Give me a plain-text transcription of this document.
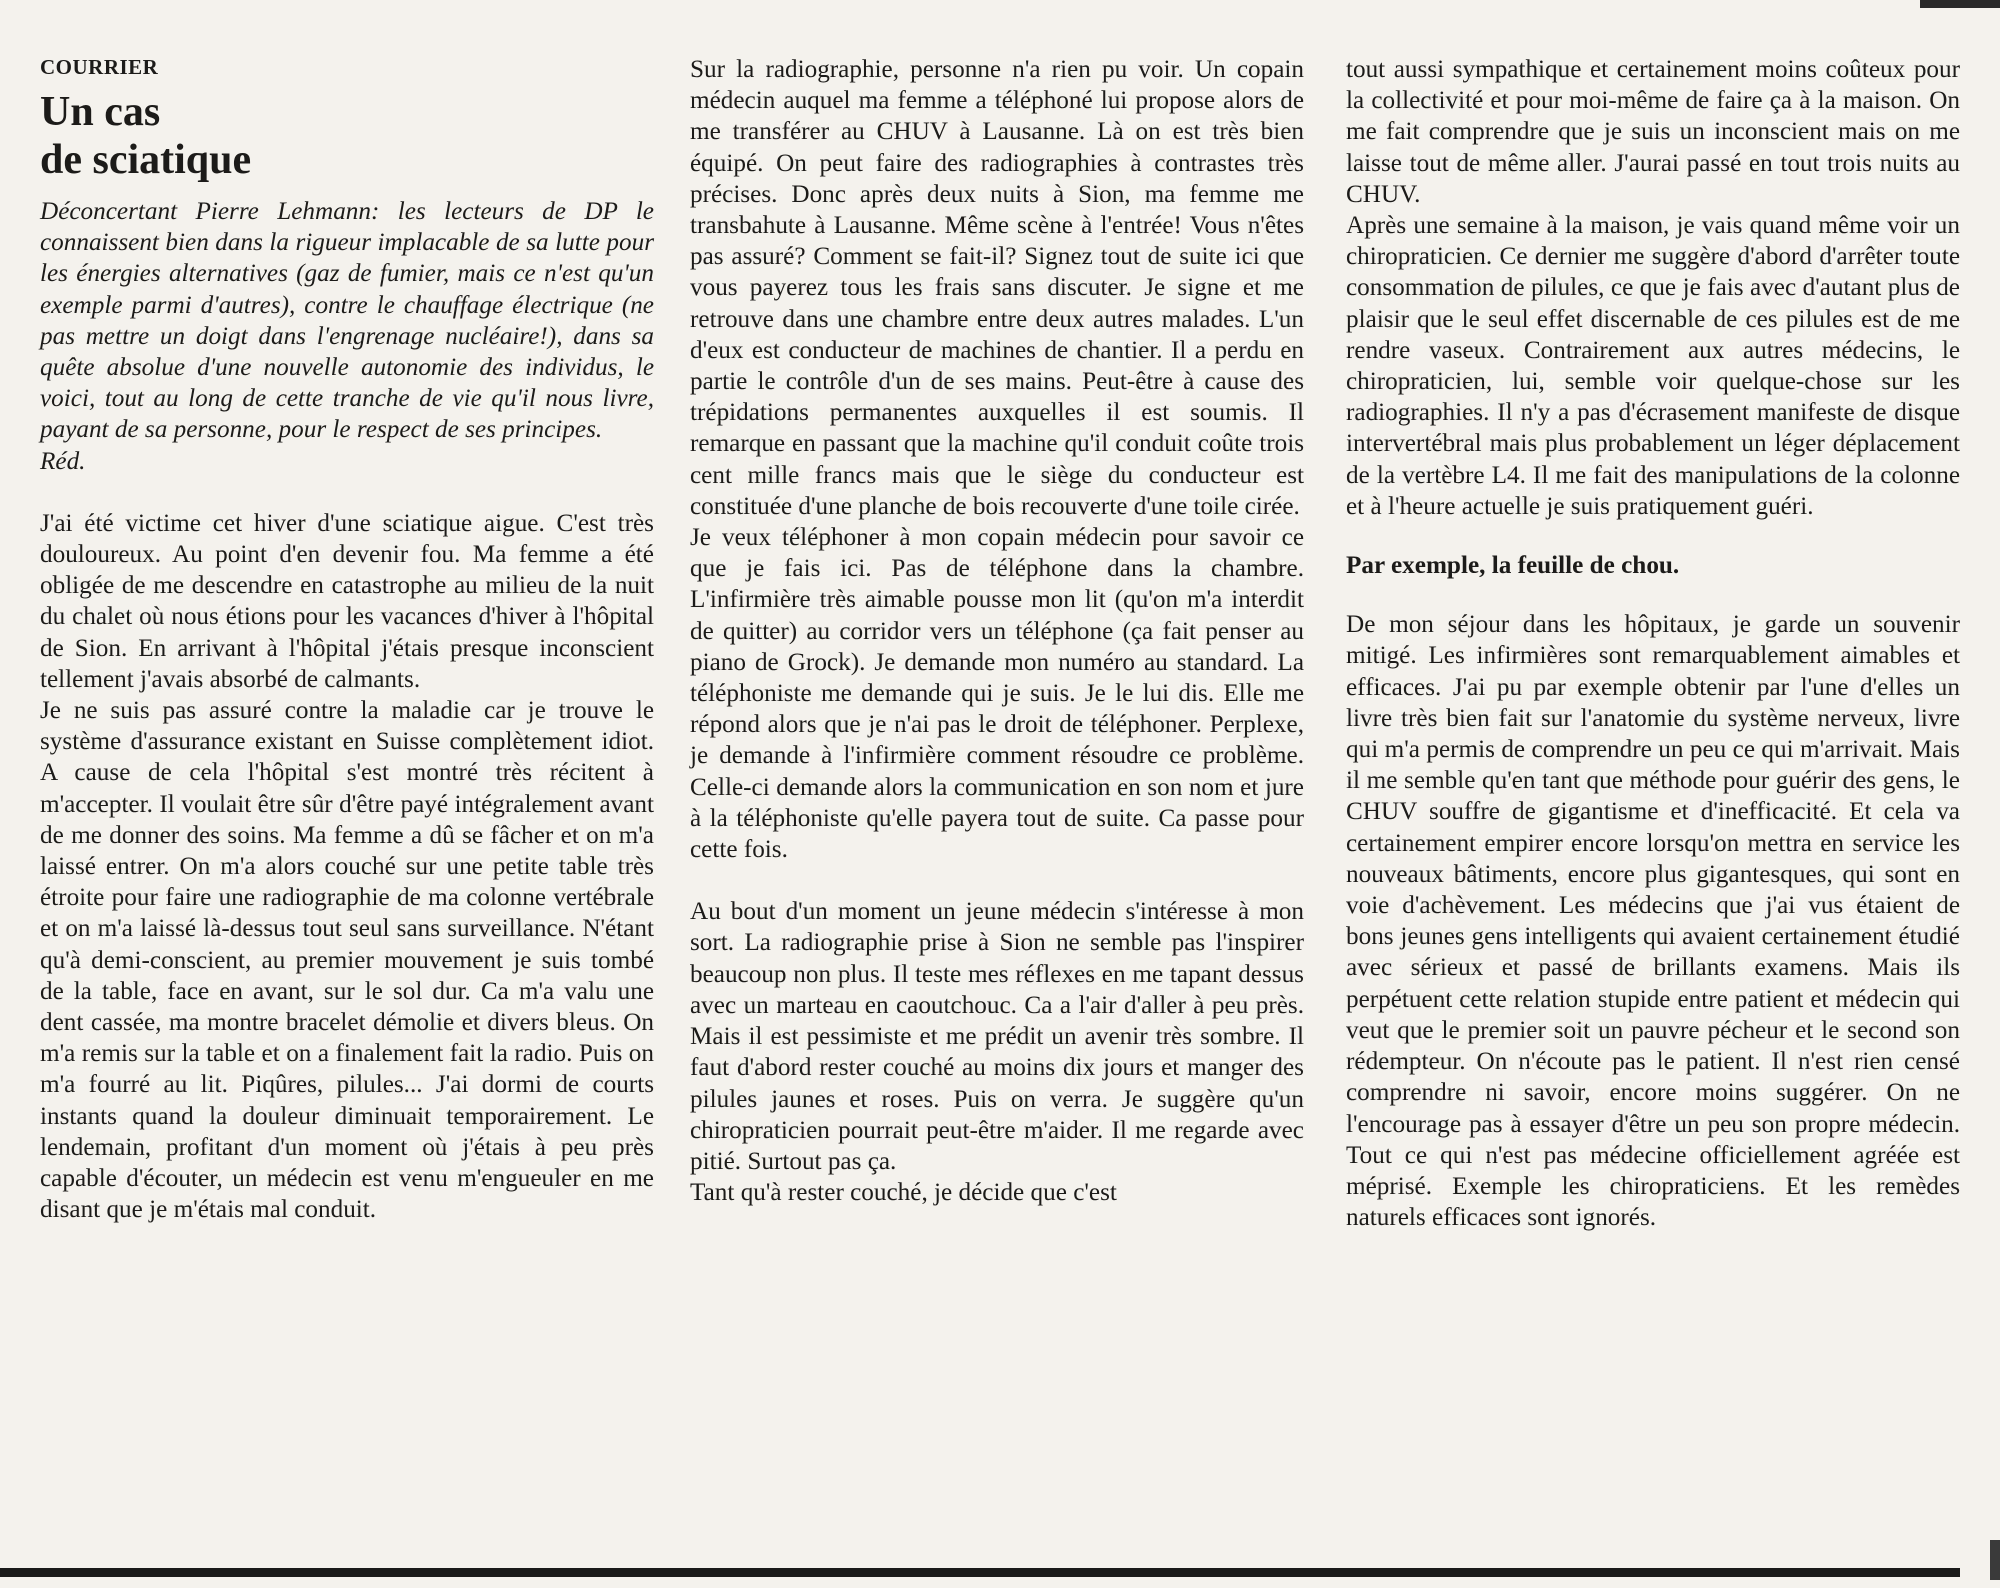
COURRIER
Un cas
de sciatique

Déconcertant Pierre Lehmann: les lecteurs de DP le connaissent bien dans la rigueur implacable de sa lutte pour les énergies alternatives (gaz de fumier, mais ce n'est qu'un exemple parmi d'autres), contre le chauffage électrique (ne pas mettre un doigt dans l'engrenage nucléaire!), dans sa quête absolue d'une nouvelle autonomie des individus, le voici, tout au long de cette tranche de vie qu'il nous livre, payant de sa personne, pour le respect de ses principes.
Réd.

J'ai été victime cet hiver d'une sciatique aigue. C'est très douloureux. Au point d'en devenir fou. Ma femme a été obligée de me descendre en catastrophe au milieu de la nuit du chalet où nous étions pour les vacances d'hiver à l'hôpital de Sion. En arrivant à l'hôpital j'étais presque inconscient tellement j'avais absorbé de calmants.

Je ne suis pas assuré contre la maladie car je trouve le système d'assurance existant en Suisse complètement idiot. A cause de cela l'hôpital s'est montré très récitent à m'accepter. Il voulait être sûr d'être payé intégralement avant de me donner des soins. Ma femme a dû se fâcher et on m'a laissé entrer. On m'a alors couché sur une petite table très étroite pour faire une radiographie de ma colonne vertébrale et on m'a laissé là-dessus tout seul sans surveillance. N'étant qu'à demi-conscient, au premier mouvement je suis tombé de la table, face en avant, sur le sol dur. Ca m'a valu une dent cassée, ma montre bracelet démolie et divers bleus. On m'a remis sur la table et on a finalement fait la radio. Puis on m'a fourré au lit. Piqûres, pilules... J'ai dormi de courts instants quand la douleur diminuait temporairement. Le lendemain, profitant d'un moment où j'étais à peu près capable d'écouter, un médecin est venu m'engueuler en me disant que je m'étais mal conduit.

Sur la radiographie, personne n'a rien pu voir. Un copain médecin auquel ma femme a téléphoné lui propose alors de me transférer au CHUV à Lausanne. Là on est très bien équipé. On peut faire des radiographies à contrastes très précises. Donc après deux nuits à Sion, ma femme me transbahute à Lausanne. Même scène à l'entrée! Vous n'êtes pas assuré? Comment se fait-il? Signez tout de suite ici que vous payerez tous les frais sans discuter. Je signe et me retrouve dans une chambre entre deux autres malades. L'un d'eux est conducteur de machines de chantier. Il a perdu en partie le contrôle d'un de ses mains. Peut-être à cause des trépidations permanentes auxquelles il est soumis. Il remarque en passant que la machine qu'il conduit coûte trois cent mille francs mais que le siège du conducteur est constituée d'une planche de bois recouverte d'une toile cirée.

Je veux téléphoner à mon copain médecin pour savoir ce que je fais ici. Pas de téléphone dans la chambre. L'infirmière très aimable pousse mon lit (qu'on m'a interdit de quitter) au corridor vers un téléphone (ça fait penser au piano de Grock). Je demande mon numéro au standard. La téléphoniste me demande qui je suis. Je le lui dis. Elle me répond alors que je n'ai pas le droit de téléphoner. Perplexe, je demande à l'infirmière comment résoudre ce problème. Celle-ci demande alors la communication en son nom et jure à la téléphoniste qu'elle payera tout de suite. Ca passe pour cette fois.

Au bout d'un moment un jeune médecin s'intéresse à mon sort. La radiographie prise à Sion ne semble pas l'inspirer beaucoup non plus. Il teste mes réflexes en me tapant dessus avec un marteau en caoutchouc. Ca a l'air d'aller à peu près. Mais il est pessimiste et me prédit un avenir très sombre. Il faut d'abord rester couché au moins dix jours et manger des pilules jaunes et roses. Puis on verra. Je suggère qu'un chiropraticien pourrait peut-être m'aider. Il me regarde avec pitié. Surtout pas ça.

Tant qu'à rester couché, je décide que c'est

tout aussi sympathique et certainement moins coûteux pour la collectivité et pour moi-même de faire ça à la maison. On me fait comprendre que je suis un inconscient mais on me laisse tout de même aller. J'aurai passé en tout trois nuits au CHUV.

Après une semaine à la maison, je vais quand même voir un chiropraticien. Ce dernier me suggère d'abord d'arrêter toute consommation de pilules, ce que je fais avec d'autant plus de plaisir que le seul effet discernable de ces pilules est de me rendre vaseux. Contrairement aux autres médecins, le chiropraticien, lui, semble voir quelque-chose sur les radiographies. Il n'y a pas d'écrasement manifeste de disque intervertébral mais plus probablement un léger déplacement de la vertèbre L4. Il me fait des manipulations de la colonne et à l'heure actuelle je suis pratiquement guéri.

Par exemple, la feuille de chou.

De mon séjour dans les hôpitaux, je garde un souvenir mitigé. Les infirmières sont remarquablement aimables et efficaces. J'ai pu par exemple obtenir par l'une d'elles un livre très bien fait sur l'anatomie du système nerveux, livre qui m'a permis de comprendre un peu ce qui m'arrivait. Mais il me semble qu'en tant que méthode pour guérir des gens, le CHUV souffre de gigantisme et d'inefficacité. Et cela va certainement empirer encore lorsqu'on mettra en service les nouveaux bâtiments, encore plus gigantesques, qui sont en voie d'achèvement. Les médecins que j'ai vus étaient de bons jeunes gens intelligents qui avaient certainement étudié avec sérieux et passé de brillants examens. Mais ils perpétuent cette relation stupide entre patient et médecin qui veut que le premier soit un pauvre pécheur et le second son rédempteur. On n'écoute pas le patient. Il n'est rien censé comprendre ni savoir, encore moins suggérer. On ne l'encourage pas à essayer d'être un peu son propre médecin. Tout ce qui n'est pas médecine officiellement agréée est méprisé. Exemple les chiropraticiens. Et les remèdes naturels efficaces sont ignorés.
